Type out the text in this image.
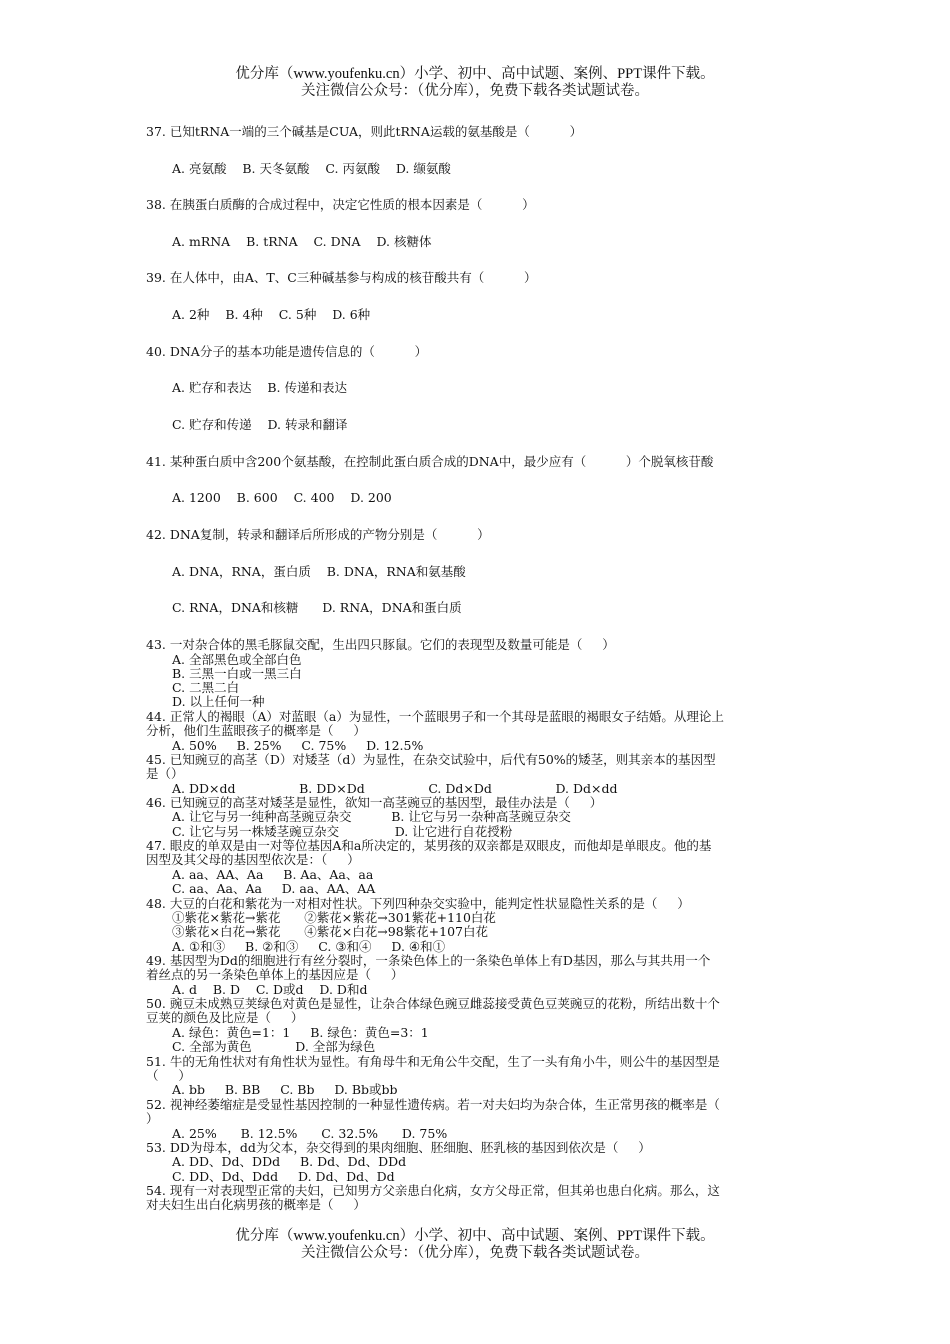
优分库（www.youfenku.cn）小学、初中、高中试题、案例、PPT课件下载。
关注微信公众号：（优分库），免费下载各类试题试卷。
37. 已知tRNA一端的三个碱基是CUA，则此tRNA运载的氨基酸是（          ）
A. 亮氨酸    B. 天冬氨酸    C. 丙氨酸    D. 缬氨酸
38. 在胰蛋白质酶的合成过程中，决定它性质的根本因素是（          ）
A. mRNA    B. tRNA    C. DNA    D. 核糖体
39. 在人体中，由A、T、C三种碱基参与构成的核苷酸共有（          ）
A. 2种    B. 4种    C. 5种    D. 6种
40. DNA分子的基本功能是遗传信息的（          ）
A. 贮存和表达    B. 传递和表达
C. 贮存和传递    D. 转录和翻译
41. 某种蛋白质中含200个氨基酸，在控制此蛋白质合成的DNA中，最少应有（          ）个脱氧核苷酸
A. 1200    B. 600    C. 400    D. 200
42. DNA复制，转录和翻译后所形成的产物分别是（          ）
A. DNA，RNA，蛋白质    B. DNA，RNA和氨基酸
C. RNA，DNA和核糖      D. RNA，DNA和蛋白质
43. 一对杂合体的黑毛豚鼠交配，生出四只豚鼠。它们的表现型及数量可能是（     ）
A. 全部黑色或全部白色
B. 三黑一白或一黑三白
C. 二黑二白
D. 以上任何一种
44. 正常人的褐眼（A）对蓝眼（a）为显性，一个蓝眼男子和一个其母是蓝眼的褐眼女子结婚。从理论上
分析，他们生蓝眼孩子的概率是（     ）
A. 50%     B. 25%     C. 75%     D. 12.5%
45. 已知豌豆的高茎（D）对矮茎（d）为显性，在杂交试验中，后代有50%的矮茎，则其亲本的基因型
是（）
A. DD×dd                B. DD×Dd                C. Dd×Dd                D. Dd×dd
46. 已知豌豆的高茎对矮茎是显性，欲知一高茎豌豆的基因型，最佳办法是（     ）
A. 让它与另一纯种高茎豌豆杂交          B. 让它与另一杂种高茎豌豆杂交
C. 让它与另一株矮茎豌豆杂交              D. 让它进行自花授粉
47. 眼皮的单双是由一对等位基因A和a所决定的，某男孩的双亲都是双眼皮，而他却是单眼皮。他的基
因型及其父母的基因型依次是：（     ）
A. aa、AA、Aa     B. Aa、Aa、aa
C. aa、Aa、Aa     D. aa、AA、AA
48. 大豆的白花和紫花为一对相对性状。下列四种杂交实验中，能判定性状显隐性关系的是（     ）
①紫花×紫花→紫花      ②紫花×紫花→301紫花+110白花
③紫花×白花→紫花      ④紫花×白花→98紫花+107白花
A. ①和③     B. ②和③     C. ③和④     D. ④和①
49. 基因型为Dd的细胞进行有丝分裂时，一条染色体上的一条染色单体上有D基因，那么与其共用一个
着丝点的另一条染色单体上的基因应是（     ）
A. d    B. D    C. D或d    D. D和d
50. 豌豆未成熟豆荚绿色对黄色是显性，让杂合体绿色豌豆雌蕊接受黄色豆荚豌豆的花粉，所结出数十个
豆荚的颜色及比应是（     ）
A. 绿色：黄色=1：1     B. 绿色：黄色=3：1
C. 全部为黄色           D. 全部为绿色
51. 牛的无角性状对有角性状为显性。有角母牛和无角公牛交配，生了一头有角小牛，则公牛的基因型是
（     ）
A. bb     B. BB     C. Bb     D. Bb或bb
52. 视神经萎缩症是受显性基因控制的一种显性遗传病。若一对夫妇均为杂合体，生正常男孩的概率是（
）
A. 25%      B. 12.5%      C. 32.5%      D. 75%
53. DD为母本，dd为父本，杂交得到的果肉细胞、胚细胞、胚乳核的基因到依次是（     ）
A. DD、Dd、DDd     B. Dd、Dd、DDd
C. DD、Dd、Ddd     D. Dd、Dd、Dd
54. 现有一对表现型正常的夫妇，已知男方父亲患白化病，女方父母正常，但其弟也患白化病。那么，这
对夫妇生出白化病男孩的概率是（     ）
优分库（www.youfenku.cn）小学、初中、高中试题、案例、PPT课件下载。
关注微信公众号：（优分库），免费下载各类试题试卷。
